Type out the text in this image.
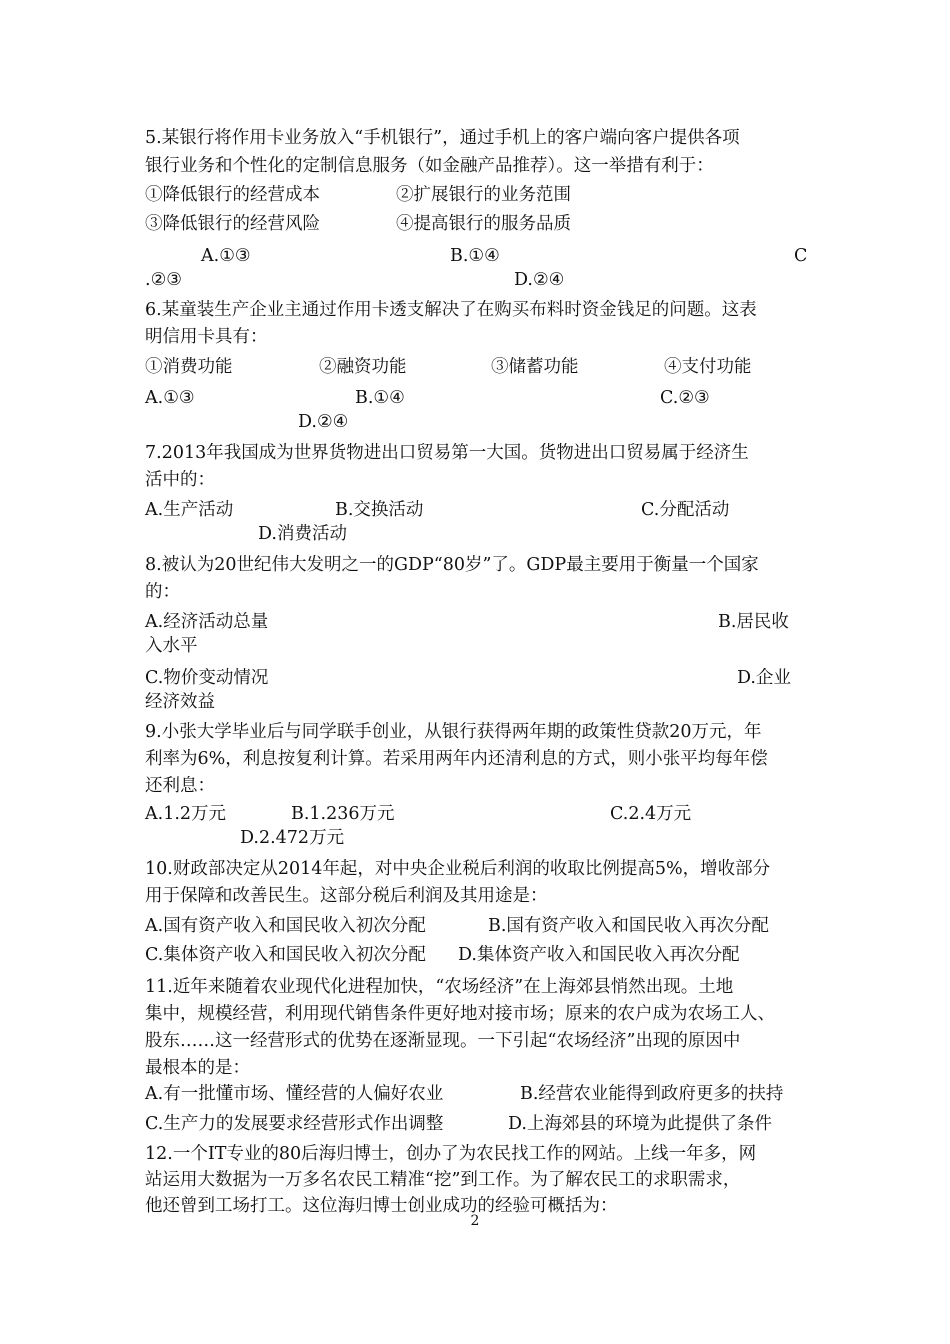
5.某银行将作用卡业务放入“手机银行”，通过手机上的客户端向客户提供各项
银行业务和个性化的定制信息服务（如金融产品推荐）。这一举措有利于：
①降低银行的经营成本	②扩展银行的业务范围
③降低银行的经营风险	④提高银行的服务品质
A.①③	B.①④	C
.②③	D.②④
6.某童装生产企业主通过作用卡透支解决了在购买布料时资金钱足的问题。这表
明信用卡具有：
①消费功能	②融资功能	③储蓄功能	④支付功能
A.①③	B.①④	C.②③
D.②④
7.2013年我国成为世界货物进出口贸易第一大国。货物进出口贸易属于经济生
活中的：
A.生产活动	B.交换活动	C.分配活动
D.消费活动
8.被认为20世纪伟大发明之一的GDP“80岁”了。GDP最主要用于衡量一个国家
的：
A.经济活动总量	B.居民收
入水平
C.物价变动情况	D.企业
经济效益
9.小张大学毕业后与同学联手创业，从银行获得两年期的政策性贷款20万元，年
利率为6%，利息按复利计算。若采用两年内还清利息的方式，则小张平均每年偿
还利息：
A.1.2万元	B.1.236万元	C.2.4万元
D.2.472万元
10.财政部决定从2014年起，对中央企业税后利润的收取比例提高5%，增收部分
用于保障和改善民生。这部分税后利润及其用途是：
A.国有资产收入和国民收入初次分配	B.国有资产收入和国民收入再次分配
C.集体资产收入和国民收入初次分配 D.集体资产收入和国民收入再次分配
11.近年来随着农业现代化进程加快，“农场经济”在上海郊县悄然出现。土地
集中，规模经营，利用现代销售条件更好地对接市场；原来的农户成为农场工人、
股东……这一经营形式的优势在逐渐显现。一下引起“农场经济”出现的原因中
最根本的是：
A.有一批懂市场、懂经营的人偏好农业	B.经营农业能得到政府更多的扶持
C.生产力的发展要求经营形式作出调整	D.上海郊县的环境为此提供了条件
12.一个IT专业的80后海归博士，创办了为农民找工作的网站。上线一年多，网
站运用大数据为一万多名农民工精准“挖”到工作。为了解农民工的求职需求，
他还曾到工场打工。这位海归博士创业成功的经验可概括为：
2
